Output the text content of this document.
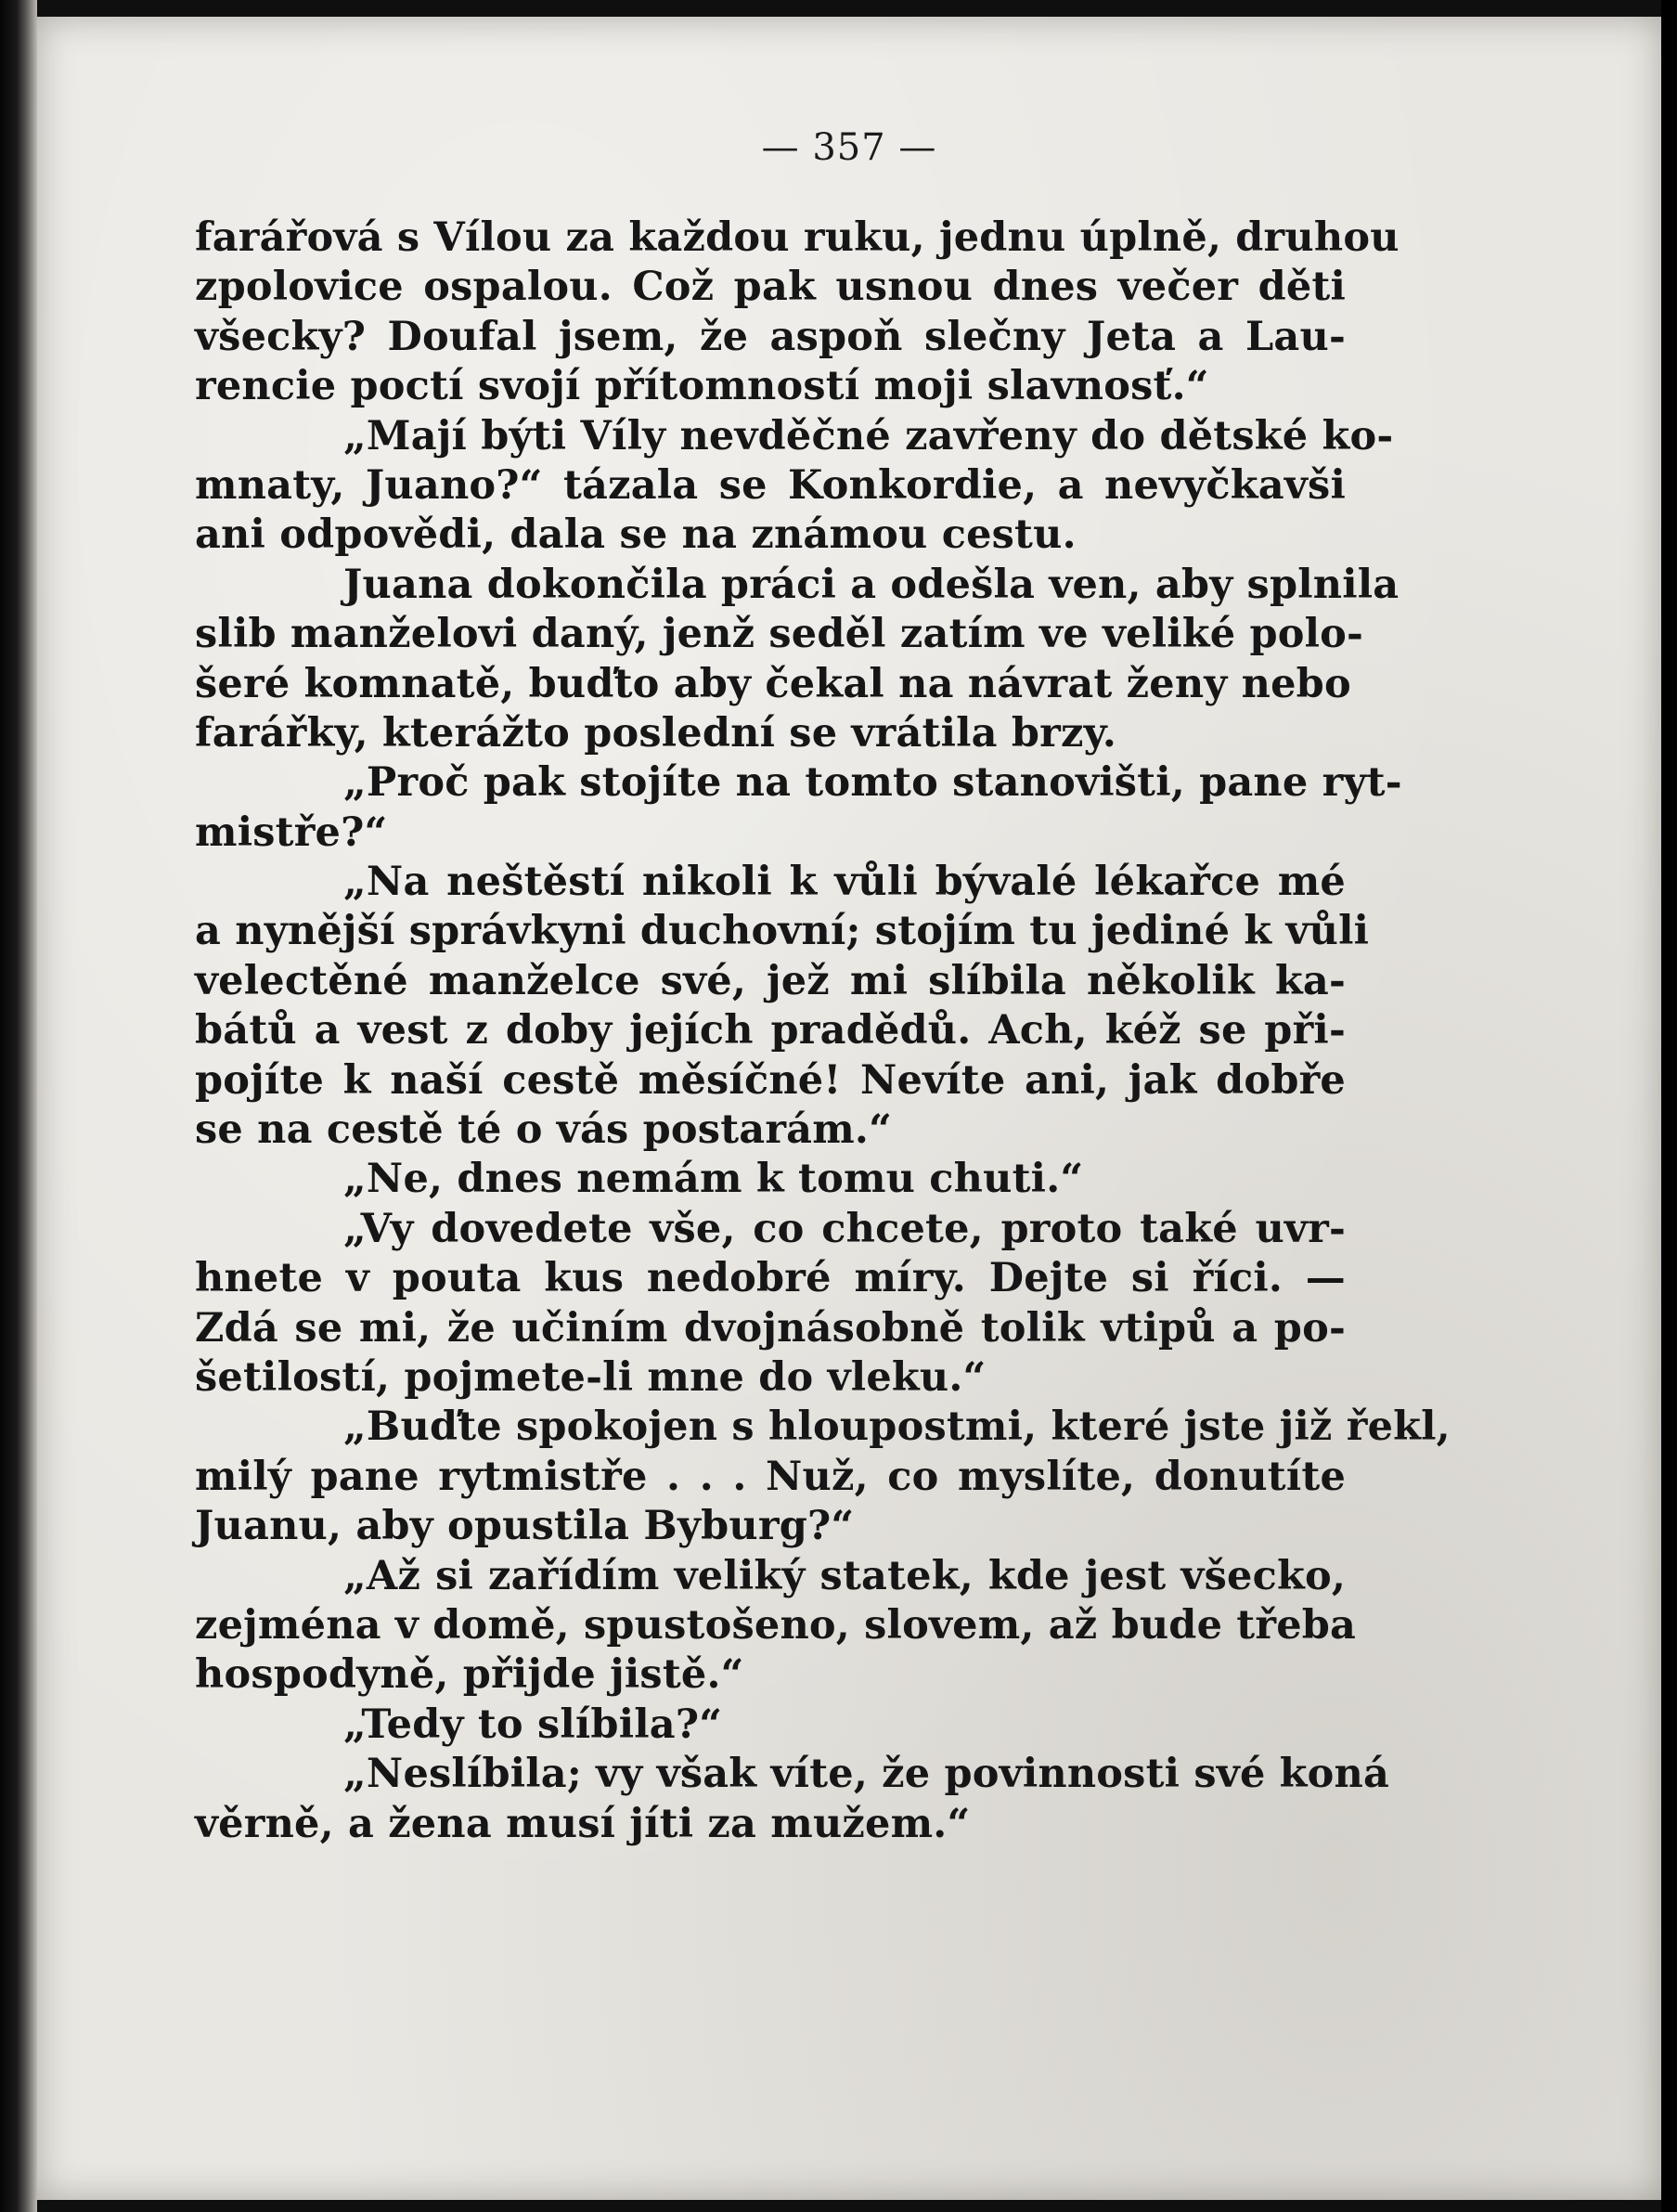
— 357 —
farářová s Vílou za každou ruku, jednu úplně, druhou
zpolovice ospalou. Což pak usnou dnes večer děti
všecky? Doufal jsem, že aspoň slečny Jeta a Lau-
rencie poctí svojí přítomností moji slavnosť.“
„Mají býti Víly nevděčné zavřeny do dětské ko-
mnaty, Juano?“ tázala se Konkordie, a nevyčkavši
ani odpovědi, dala se na známou cestu.
Juana dokončila práci a odešla ven, aby splnila
slib manželovi daný, jenž seděl zatím ve veliké polo-
šeré komnatě, buďto aby čekal na návrat ženy nebo
farářky, kterážto poslední se vrátila brzy.
„Proč pak stojíte na tomto stanovišti, pane ryt-
mistře?“
„Na neštěstí nikoli k vůli bývalé lékařce mé
a nynější správkyni duchovní; stojím tu jediné k vůli
velectěné manželce své, jež mi slíbila několik ka-
bátů a vest z doby jejích pradědů. Ach, kéž se při-
pojíte k naší cestě měsíčné! Nevíte ani, jak dobře
se na cestě té o vás postarám.“
„Ne, dnes nemám k tomu chuti.“
„Vy dovedete vše, co chcete, proto také uvr-
hnete v pouta kus nedobré míry. Dejte si říci. —
Zdá se mi, že učiním dvojnásobně tolik vtipů a po-
šetilostí, pojmete-li mne do vleku.“
„Buďte spokojen s hloupostmi, které jste již řekl,
milý pane rytmistře . . . Nuž, co myslíte, donutíte
Juanu, aby opustila Byburg?“
„Až si zařídím veliký statek, kde jest všecko,
zejména v domě, spustošeno, slovem, až bude třeba
hospodyně, přijde jistě.“
„Tedy to slíbila?“
„Neslíbila; vy však víte, že povinnosti své koná
věrně, a žena musí jíti za mužem.“
